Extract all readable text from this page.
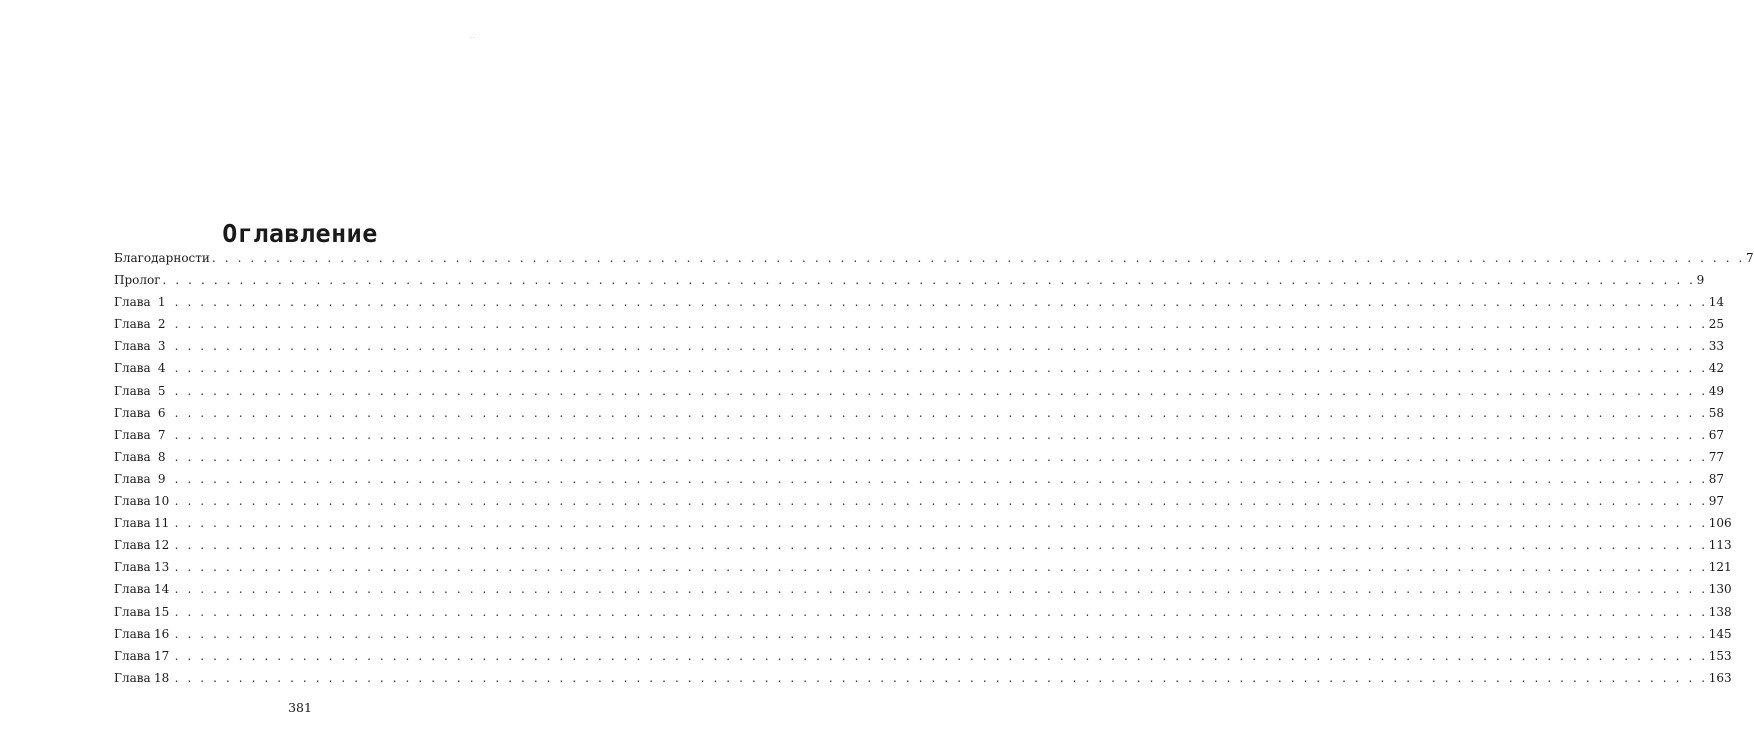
..
Оглавление
Благодарности . . . . . . . . . . . . . . . . . . . . . . . . . . . . . . . . . . . . . . . . . . . . . . . . . . . . . . . . . . . . . . . . . . . . . . . . . . . . . . . . . . . . . . . . . . . . . . . . . . . . . . . . . . . . . . . . . . . . . . . . 7
Пролог . . . . . . . . . . . . . . . . . . . . . . . . . . . . . . . . . . . . . . . . . . . . . . . . . . . . . . . . . . . . . . . . . . . . . . . . . . . . . . . . . . . . . . . . . . . . . . . . . . . . . . . . . . . . . . . . . . . . . . . . 9
Глава 1 . . . . . . . . . . . . . . . . . . . . . . . . . . . . . . . . . . . . . . . . . . . . . . . . . . . . . . . . . . . . . . . . . . . . . . . . . . . . . . . . . . . . . . . . . . . . . . . . . . . . . . . . . . . . . . . . . . . . . . . . 14
Глава 2 . . . . . . . . . . . . . . . . . . . . . . . . . . . . . . . . . . . . . . . . . . . . . . . . . . . . . . . . . . . . . . . . . . . . . . . . . . . . . . . . . . . . . . . . . . . . . . . . . . . . . . . . . . . . . . . . . . . . . . . . 25
Глава 3 . . . . . . . . . . . . . . . . . . . . . . . . . . . . . . . . . . . . . . . . . . . . . . . . . . . . . . . . . . . . . . . . . . . . . . . . . . . . . . . . . . . . . . . . . . . . . . . . . . . . . . . . . . . . . . . . . . . . . . . . 33
Глава 4 . . . . . . . . . . . . . . . . . . . . . . . . . . . . . . . . . . . . . . . . . . . . . . . . . . . . . . . . . . . . . . . . . . . . . . . . . . . . . . . . . . . . . . . . . . . . . . . . . . . . . . . . . . . . . . . . . . . . . . . . 42
Глава 5 . . . . . . . . . . . . . . . . . . . . . . . . . . . . . . . . . . . . . . . . . . . . . . . . . . . . . . . . . . . . . . . . . . . . . . . . . . . . . . . . . . . . . . . . . . . . . . . . . . . . . . . . . . . . . . . . . . . . . . . . 49
Глава 6 . . . . . . . . . . . . . . . . . . . . . . . . . . . . . . . . . . . . . . . . . . . . . . . . . . . . . . . . . . . . . . . . . . . . . . . . . . . . . . . . . . . . . . . . . . . . . . . . . . . . . . . . . . . . . . . . . . . . . . . . 58
Глава 7 . . . . . . . . . . . . . . . . . . . . . . . . . . . . . . . . . . . . . . . . . . . . . . . . . . . . . . . . . . . . . . . . . . . . . . . . . . . . . . . . . . . . . . . . . . . . . . . . . . . . . . . . . . . . . . . . . . . . . . . . 67
Глава 8 . . . . . . . . . . . . . . . . . . . . . . . . . . . . . . . . . . . . . . . . . . . . . . . . . . . . . . . . . . . . . . . . . . . . . . . . . . . . . . . . . . . . . . . . . . . . . . . . . . . . . . . . . . . . . . . . . . . . . . . . 77
Глава 9 . . . . . . . . . . . . . . . . . . . . . . . . . . . . . . . . . . . . . . . . . . . . . . . . . . . . . . . . . . . . . . . . . . . . . . . . . . . . . . . . . . . . . . . . . . . . . . . . . . . . . . . . . . . . . . . . . . . . . . . . 87
Глава 10 . . . . . . . . . . . . . . . . . . . . . . . . . . . . . . . . . . . . . . . . . . . . . . . . . . . . . . . . . . . . . . . . . . . . . . . . . . . . . . . . . . . . . . . . . . . . . . . . . . . . . . . . . . . . . . . . . . . . . . . . 97
Глава 11 . . . . . . . . . . . . . . . . . . . . . . . . . . . . . . . . . . . . . . . . . . . . . . . . . . . . . . . . . . . . . . . . . . . . . . . . . . . . . . . . . . . . . . . . . . . . . . . . . . . . . . . . . . . . . . . . . . . . . . . . 106
Глава 12 . . . . . . . . . . . . . . . . . . . . . . . . . . . . . . . . . . . . . . . . . . . . . . . . . . . . . . . . . . . . . . . . . . . . . . . . . . . . . . . . . . . . . . . . . . . . . . . . . . . . . . . . . . . . . . . . . . . . . . . . 113
Глава 13 . . . . . . . . . . . . . . . . . . . . . . . . . . . . . . . . . . . . . . . . . . . . . . . . . . . . . . . . . . . . . . . . . . . . . . . . . . . . . . . . . . . . . . . . . . . . . . . . . . . . . . . . . . . . . . . . . . . . . . . . 121
Глава 14 . . . . . . . . . . . . . . . . . . . . . . . . . . . . . . . . . . . . . . . . . . . . . . . . . . . . . . . . . . . . . . . . . . . . . . . . . . . . . . . . . . . . . . . . . . . . . . . . . . . . . . . . . . . . . . . . . . . . . . . . 130
Глава 15 . . . . . . . . . . . . . . . . . . . . . . . . . . . . . . . . . . . . . . . . . . . . . . . . . . . . . . . . . . . . . . . . . . . . . . . . . . . . . . . . . . . . . . . . . . . . . . . . . . . . . . . . . . . . . . . . . . . . . . . . 138
Глава 16 . . . . . . . . . . . . . . . . . . . . . . . . . . . . . . . . . . . . . . . . . . . . . . . . . . . . . . . . . . . . . . . . . . . . . . . . . . . . . . . . . . . . . . . . . . . . . . . . . . . . . . . . . . . . . . . . . . . . . . . . 145
Глава 17 . . . . . . . . . . . . . . . . . . . . . . . . . . . . . . . . . . . . . . . . . . . . . . . . . . . . . . . . . . . . . . . . . . . . . . . . . . . . . . . . . . . . . . . . . . . . . . . . . . . . . . . . . . . . . . . . . . . . . . . . 153
Глава 18 . . . . . . . . . . . . . . . . . . . . . . . . . . . . . . . . . . . . . . . . . . . . . . . . . . . . . . . . . . . . . . . . . . . . . . . . . . . . . . . . . . . . . . . . . . . . . . . . . . . . . . . . . . . . . . . . . . . . . . . . 163
381
